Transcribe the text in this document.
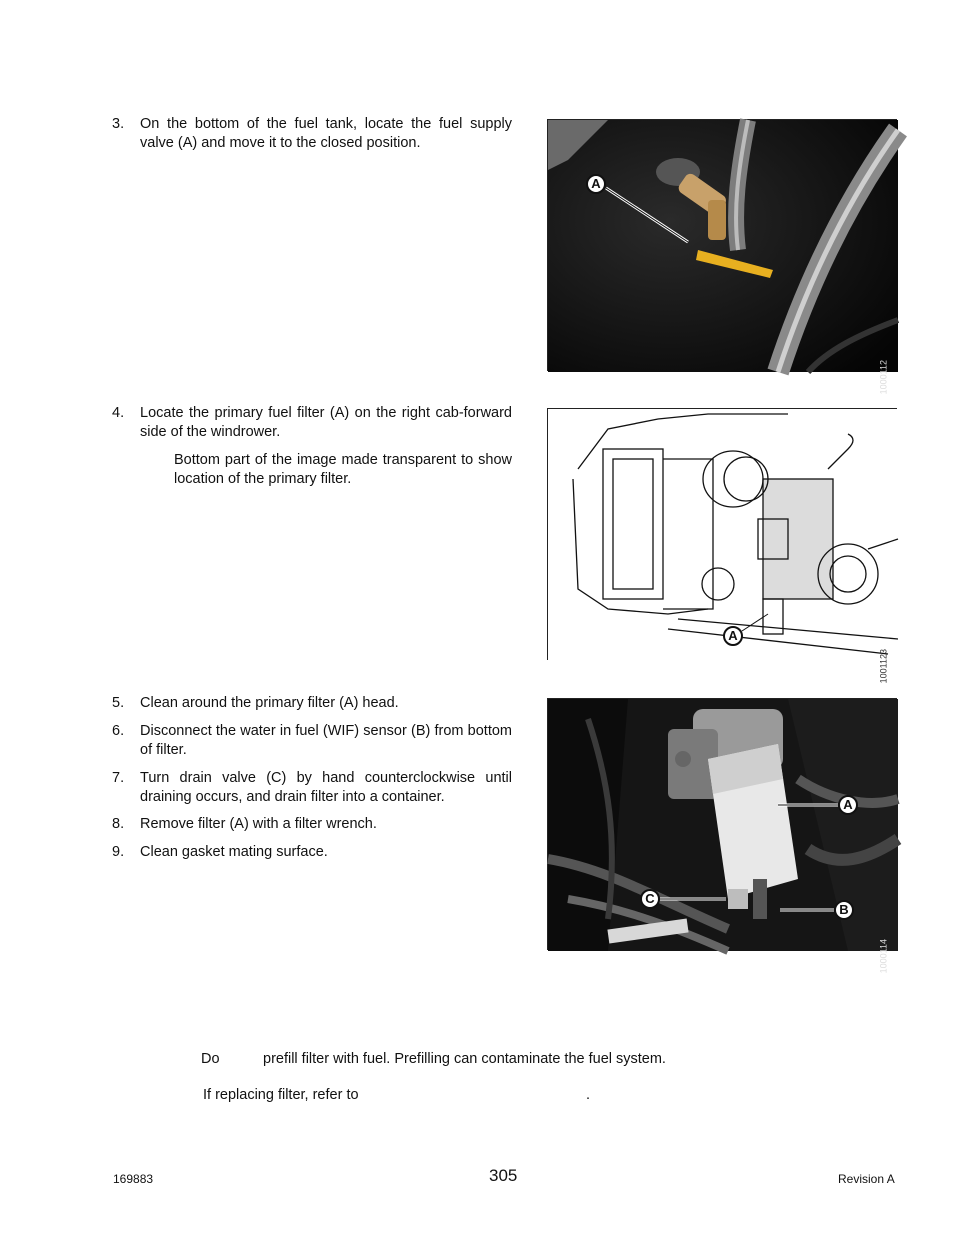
3. On the bottom of the fuel tank, locate the fuel supply valve (A) and move it to the closed position.
A
1000112
4. Locate the primary fuel filter (A) on the right cab-forward side of the windrower.
Bottom part of the image made transparent to show location of the primary filter.
A
1001123
5. Clean around the primary filter (A) head.
6. Disconnect the water in fuel (WIF) sensor (B) from bottom of filter.
7. Turn drain valve (C) by hand counterclockwise until draining occurs, and drain filter into a container.
8. Remove filter (A) with a filter wrench.
9. Clean gasket mating surface.
A
B
C
1000114
Do	prefill filter with fuel. Prefilling can contaminate the fuel system.
If replacing filter, refer to	.
169883	305	Revision A
